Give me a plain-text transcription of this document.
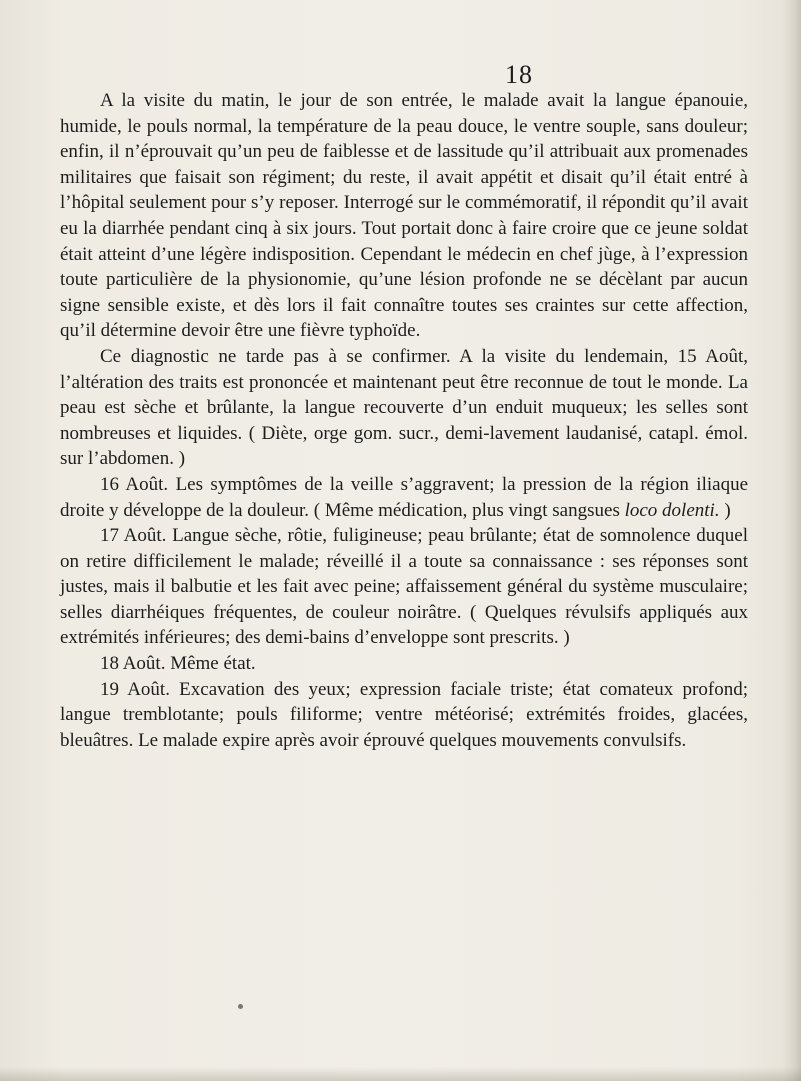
18

A la visite du matin, le jour de son entrée, le malade avait la langue épanouie, humide, le pouls normal, la température de la peau douce, le ventre souple, sans douleur; enfin, il n’éprouvait qu’un peu de faiblesse et de lassitude qu’il attribuait aux promenades militaires que faisait son régiment; du reste, il avait appétit et disait qu’il était entré à l’hôpital seulement pour s’y reposer. Interrogé sur le commémoratif, il répondit qu’il avait eu la diarrhée pendant cinq à six jours. Tout portait donc à faire croire que ce jeune soldat était atteint d’une légère indisposition. Cependant le médecin en chef jùge, à l’expression toute particulière de la physionomie, qu’une lésion profonde ne se décèlant par aucun signe sensible existe, et dès lors il fait connaître toutes ses craintes sur cette affection, qu’il détermine devoir être une fièvre typhoïde.

Ce diagnostic ne tarde pas à se confirmer. A la visite du lendemain, 15 Août, l’altération des traits est prononcée et maintenant peut être reconnue de tout le monde. La peau est sèche et brûlante, la langue recouverte d’un enduit muqueux; les selles sont nombreuses et liquides. ( Diète, orge gom. sucr., demi-lavement laudanisé, catapl. émol. sur l’abdomen. )

16 Août. Les symptômes de la veille s’aggravent; la pression de la région iliaque droite y développe de la douleur. ( Même médication, plus vingt sangsues loco dolenti. )

17 Août. Langue sèche, rôtie, fuligineuse; peau brûlante; état de somnolence duquel on retire difficilement le malade; réveillé il a toute sa connaissance : ses réponses sont justes, mais il balbutie et les fait avec peine; affaissement général du système musculaire; selles diarrhéiques fréquentes, de couleur noirâtre. ( Quelques révulsifs appliqués aux extrémités inférieures; des demi-bains d’enveloppe sont prescrits. )

18 Août. Même état.

19 Août. Excavation des yeux; expression faciale triste; état comateux profond; langue tremblotante; pouls filiforme; ventre météorisé; extrémités froides, glacées, bleuâtres. Le malade expire après avoir éprouvé quelques mouvements convulsifs.
